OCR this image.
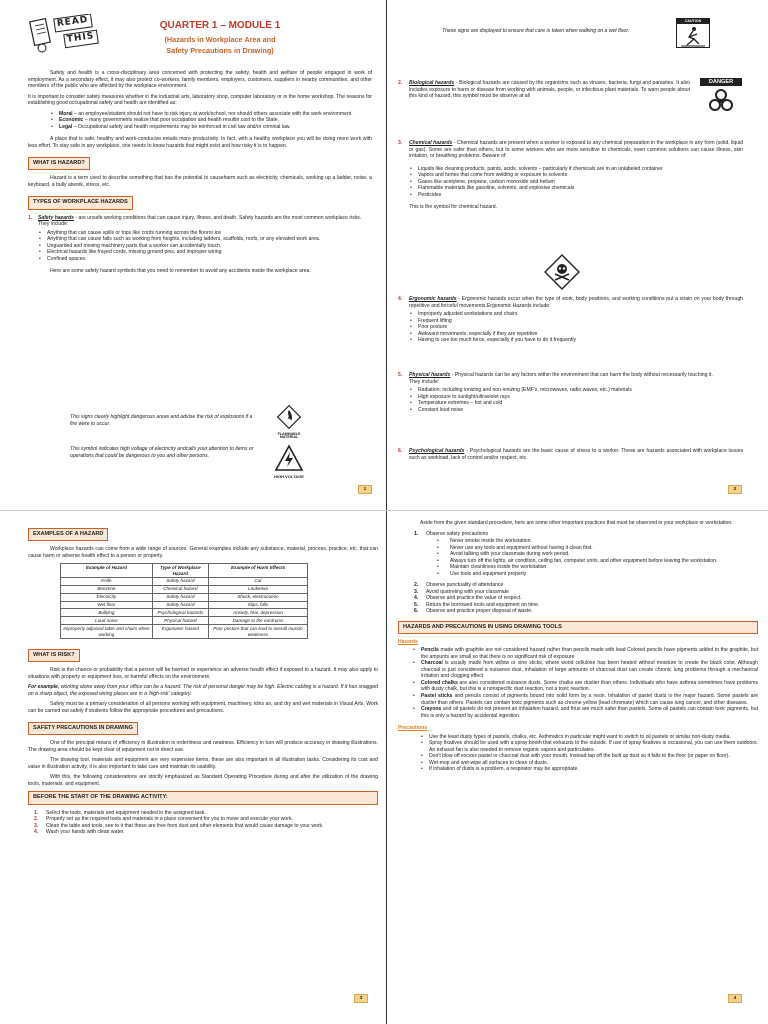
READ
THIS
QUARTER 1 – MODULE 1
(Hazards in Workplace Area and
Safety Precautions in Drawing)

Safety and health is a cross-disciplinary area concerned with protecting the safety, health and welfare of people engaged in work of employment. As a secondary effect, it may also protect co-workers, family members, employers, customers, suppliers in nearby communities, and other members of the public who are affected by the workplace environment.

It is important to consider safety measures whether in the industrial arts, laboratory shop, computer laboratory or in the home workshop. The reasons for establishing good occupational safety and health are identified as:

• Moral – an employee/student should not have to risk injury at work/school, nor should others associate with the work environment.
• Economic – many governments realize that poor occupation and health resultin cost to the State.
• Legal – Occupational safety and health requirements may be reinforced in civil law and/or criminal law.

A place that is safe, healthy and work-conducive entails more productivity. In fact, with a healthy workplace you will be doing more work with less effort. To stay safe in any workplace, one needs to know hazards that might exist and how risky it is to happen.

WHAT IS HAZARD?

Hazard is a term used to describe something that has the potential to causeharm such as electricity, chemicals, working up a ladder, noise, a keyboard, a bully atwork, stress, etc.

TYPES OF WORKPLACE HAZARDS
1. Safety hazards - are unsafe working conditions that can cause injury, illness, and death. Safety hazards are the most common workplace risks. They include:
• Anything that can cause spills or trips like cords running across the flooror ice
• Anything that can cause falls such as working from heights, including ladders, scaffolds, roofs, or any elevated work area.
• Unguarded and moving machinery parts that a worker can accidentally touch.
• Electrical hazards like frayed cords, missing ground pins, and improper wiring
• Confined spaces.

Here are some safety hazard symbols that you need to remember to avoid any accidents inside the workplace area.

This signs clearly highlight dangerous areas and advise the risk of explosions if a fire were to occur.
FLAMMABLE MATERIAL
This symbol indicates high voltage of electricity andcalls your attention to items or operations that could be dangerous to you and other persons.
HIGH VOLTAGE
1
These signs are displayed to ensure that care is taken when walking on a wet floor.
CAUTION
2. Biological hazards - Biological hazards are caused by the organisms such as viruses, bacteria, fungi and parasites. It also includes exposure to harm or disease from working with animals, people, or infectious plant materials. To warn people about this kind of hazard, this symbol must be observe at all
DANGER
3. Chemical hazards - Chemical hazards are present when a worker is exposed to any chemical preparation in the workplace in any form (solid, liquid or gas). Some are safer than others, but to some workers who are more sensitive to chemicals, even common solutions can cause illness, skin irritation, or breathing problems. Beware of:
• Liquids like cleaning products, paints, acids, solvents – particularly if chemicals are in an unlabeled container
• Vapors and fumes that come from welding or exposure to solvents
• Gases like acetylene, propane, carbon monoxide and helium
• Flammable materials like gasoline, solvents, and explosive chemicals
• Pesticides

This is the symbol for chemical hazard.

4. Ergonomic hazards - Ergonomic hazards occur when the type of work, body positions, and working conditions put a strain on your body through repetitive and forceful movements.Ergonomic Hazards include:
• Improperly adjusted workstations and chairs
• Frequent lifting
• Poor posture
• Awkward movements, especially if they are repetitive
• Having to use too much force, especially if you have to do it frequently
5. Physical hazards - Physical hazards can be any factors within the environment that can harm the body without necessarily touching it.
They include:
• Radiation: including ionizing and non-ionizing (EMF's, microwaves, radio waves, etc.) materials
• High exposure to sunlight/ultraviolet rays
• Temperature extremes – hot and cold
• Constant loud noise
6. Psychological hazards - Psychological hazards are the basic cause of stress to a worker. These are hazards associated with workplace issues such as workload, lack of control and/or respect, etc.
2
EXAMPLES OF A HAZARD

Workplace hazards can come from a wide range of sources. General examples include any substance, material, process, practice, etc. that can cause harm or adverse health effect to a person or property.

Example of Hazard	Type of Workplace Hazard	Example of Harm Effects
Knife	Safety hazard	Cut
Benzene	Chemical hazard	Leukemia
Electricity	Safety hazard	Shock, electrocution
Wet floor	Safety hazard	Slips, falls
Bullying	Psychological hazards	Anxiety, fear, depression
Loud noise	Physical hazard	Damage to the eardrums
Improperly adjusted table and chairs when working	Ergonomic hazard	Poor posture that can lead to overall muscle weakness
WHAT IS RISK?

Risk is the chance or probability that a person will be harmed or experience an adverse health effect if exposed to a hazard. It may also apply to situations with property or equipment loss, or harmful effects on the environment.

For example, working alone away from your office can be a hazard. The risk of personal danger may be high. Electric cabling is a hazard. If it has snagged on a sharp object, the exposed wiring places are in a 'high-risk' category.

Safety must be a primary consideration of all persons working with equipment, machinery, kilns an, and dry and wet materials in Visual Arts. Work can be carried out safely if students follow the appropriate procedures and precautions.

SAFETY PRECAUTIONS IN DRAWING

One of the principal means of efficiency in illustration is orderliness and neatness. Efficiency in turn will produce accuracy in drawing illustrations. The drawing area should be kept clear of equipment not in direct use.

The drawing tool, materials and equipment are very expensive items, these are also important in all illustration tasks. Considering its cost and value in illustration activity, it is also important to take care and maintain its usability.

With this, the following considerations are strictly emphasized as Standard Operating Procedure during and after the utilization of the drawing tools, materials, and equipment.

BEFORE THE START OF THE DRAWING ACTIVITY:
1. Select the tools, materials and equipment needed in the assigned task.
2. Properly set up the required tools and materials in a place convenient for you to move and execute your work.
3. Clean the table and tools, see to it that these are free from dust and other elements that would cause damage to your work.
4. Wash your hands with clean water.
3

Aside from the given standard procedure, here are some other important practices that must be observed in your workplace or workstation.

1. Observe safety precautions
• Never smoke inside the workstation.
• Never use any tools and equipment without having it clean first.
• Avoid talking with your classmate during work period.
• Always turn off the lights, air condition, ceiling fan, computer units, and other equipment before leaving the workstation.
• Maintain cleanliness inside the workstation
• Use tools and equipment properly
2. Observe punctuality of attendance
3. Avoid quarreling with your classmate
4. Observe and practice the value of respect.
5. Return the borrowed tools and equipment on time.
6. Observe and practice proper disposal of waste.
HAZARDS AND PRECAUTIONS IN USING DRAWING TOOLS
Hazards
• Pencils made with graphite are not considered hazard rather than pencils made with lead Colored pencils have pigments added to the graphite, but the amounts are small so that there is no significant risk of exposure
• Charcoal is usually made from willow or vine sticks, where wood cellulose has been heated without moisture to create the black color. Although charcoal is just considered a nuisance dust, inhalation of large amounts of charcoal dust can create chronic lung problems through a mechanical irritation and clogging effect
• Colored chalks are also considered nuisance dusts. Some chalks are dustier than others. Individuals who have asthma sometimes have problems with dusty chalk, but this is a nonspecific dust reaction, not a toxic reaction.
• Pastel sticks and pencils consist of pigments bound into solid form by a resin. Inhalation of pastel dusts is the major hazard. Some pastels are dustier than others. Pastels can contain toxic pigments such as chrome yellow (lead chromate) which can cause lung cancer, and other diseases.
• Crayons and oil pastels do not present an inhalation hazard, and thus are much safer than pastels. Some oil pastels can contain toxic pigments, but this is only a hazard by accidental ingestion.
Precautions
• Use the least dusty types of pastels, chalks, etc. Asthmatics in particular might want to switch to oil pastels or similar non-dusty media.
• Spray fixatives should be used with a spray booth that exhausts to the outside. If use of spray fixatives is occasional, you can use them outdoors. An exhaust fan is also needed to remove organic vapors and particulates.
• Don't blow off excess pastel or charcoal dust with your mouth. Instead tap off the built up dust so it falls to the floor (or paper on floor).
• Wet-mop and wet-wipe all surfaces to clean of dusts.
• If inhalation of dusts is a problem, a respirator may be appropriate.
4
